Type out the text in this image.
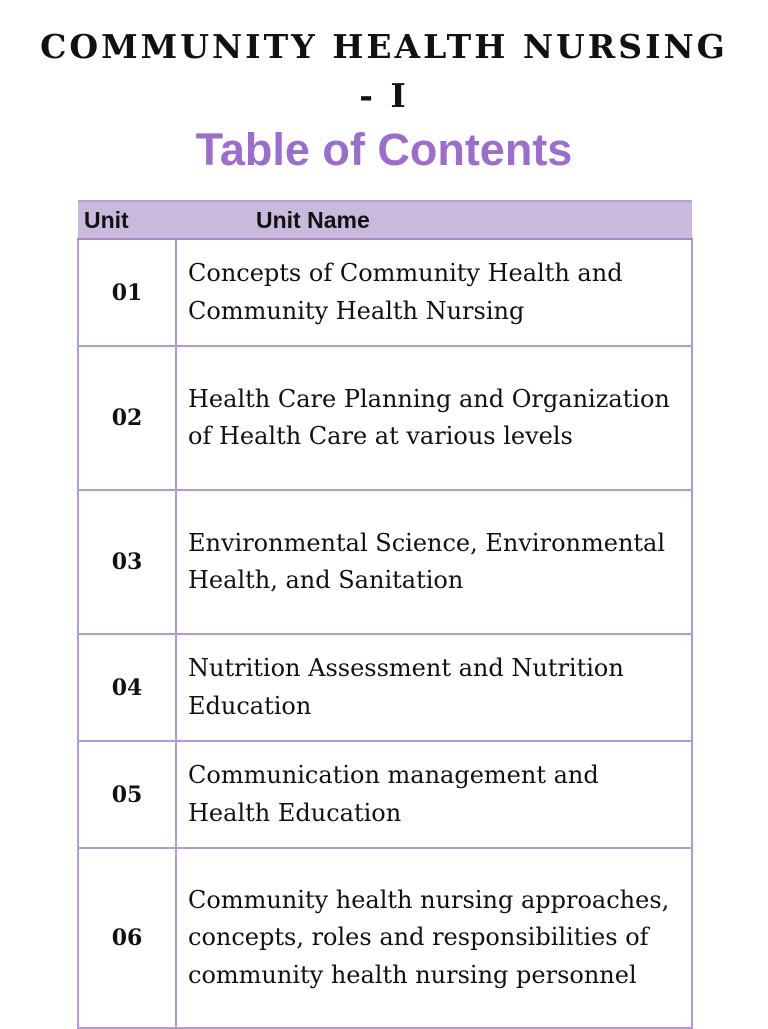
COMMUNITY HEALTH NURSING - I
Table of Contents
Unit	Unit Name
01	Concepts of Community Health and Community Health Nursing
02	Health Care Planning and Organization of Health Care at various levels
03	Environmental Science, Environmental Health, and Sanitation
04	Nutrition Assessment and Nutrition Education
05	Communication management and Health Education
06	Community health nursing approaches, concepts, roles and responsibilities of community health nursing personnel
